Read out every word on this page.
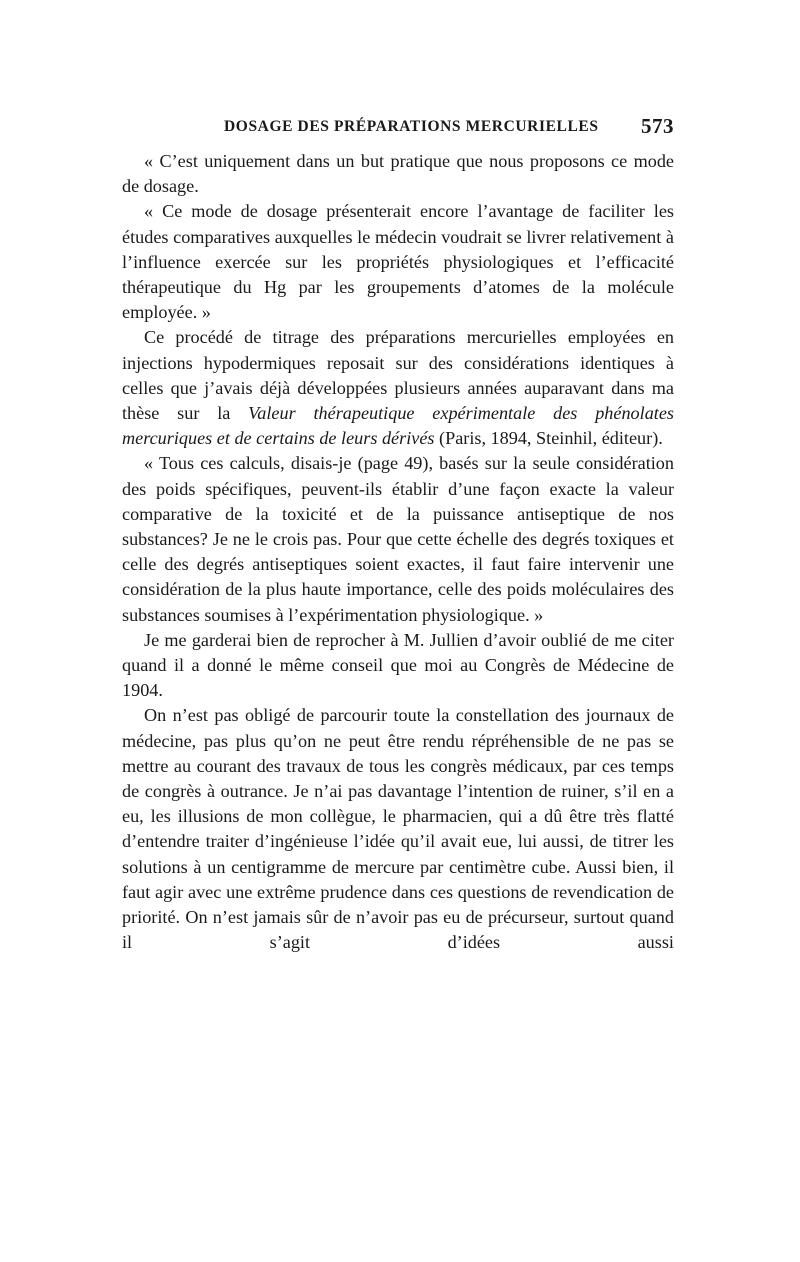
DOSAGE DES PRÉPARATIONS MERCURIELLES 573

« C’est uniquement dans un but pratique que nous proposons ce mode de dosage.

« Ce mode de dosage présenterait encore l’avantage de faciliter les études comparatives auxquelles le médecin voudrait se livrer relativement à l’influence exercée sur les propriétés physiologiques et l’efficacité thérapeutique du Hg par les groupements d’atomes de la molécule employée. »

Ce procédé de titrage des préparations mercurielles employées en injections hypodermiques reposait sur des considérations identiques à celles que j’avais déjà développées plusieurs années auparavant dans ma thèse sur la Valeur thérapeutique expérimentale des phénolates mercuriques et de certains de leurs dérivés (Paris, 1894, Steinhil, éditeur).

« Tous ces calculs, disais-je (page 49), basés sur la seule considération des poids spécifiques, peuvent-ils établir d’une façon exacte la valeur comparative de la toxicité et de la puissance antiseptique de nos substances? Je ne le crois pas. Pour que cette échelle des degrés toxiques et celle des degrés antiseptiques soient exactes, il faut faire intervenir une considération de la plus haute importance, celle des poids moléculaires des substances soumises à l’expérimentation physiologique. »

Je me garderai bien de reprocher à M. Jullien d’avoir oublié de me citer quand il a donné le même conseil que moi au Congrès de Médecine de 1904.

On n’est pas obligé de parcourir toute la constellation des journaux de médecine, pas plus qu’on ne peut être rendu répréhensible de ne pas se mettre au courant des travaux de tous les congrès médicaux, par ces temps de congrès à outrance. Je n’ai pas davantage l’intention de ruiner, s’il en a eu, les illusions de mon collègue, le pharmacien, qui a dû être très flatté d’entendre traiter d’ingénieuse l’idée qu’il avait eue, lui aussi, de titrer les solutions à un centigramme de mercure par centimètre cube. Aussi bien, il faut agir avec une extrême prudence dans ces questions de revendication de priorité. On n’est jamais sûr de n’avoir pas eu de précurseur, surtout quand il s’agit d’idées aussi
